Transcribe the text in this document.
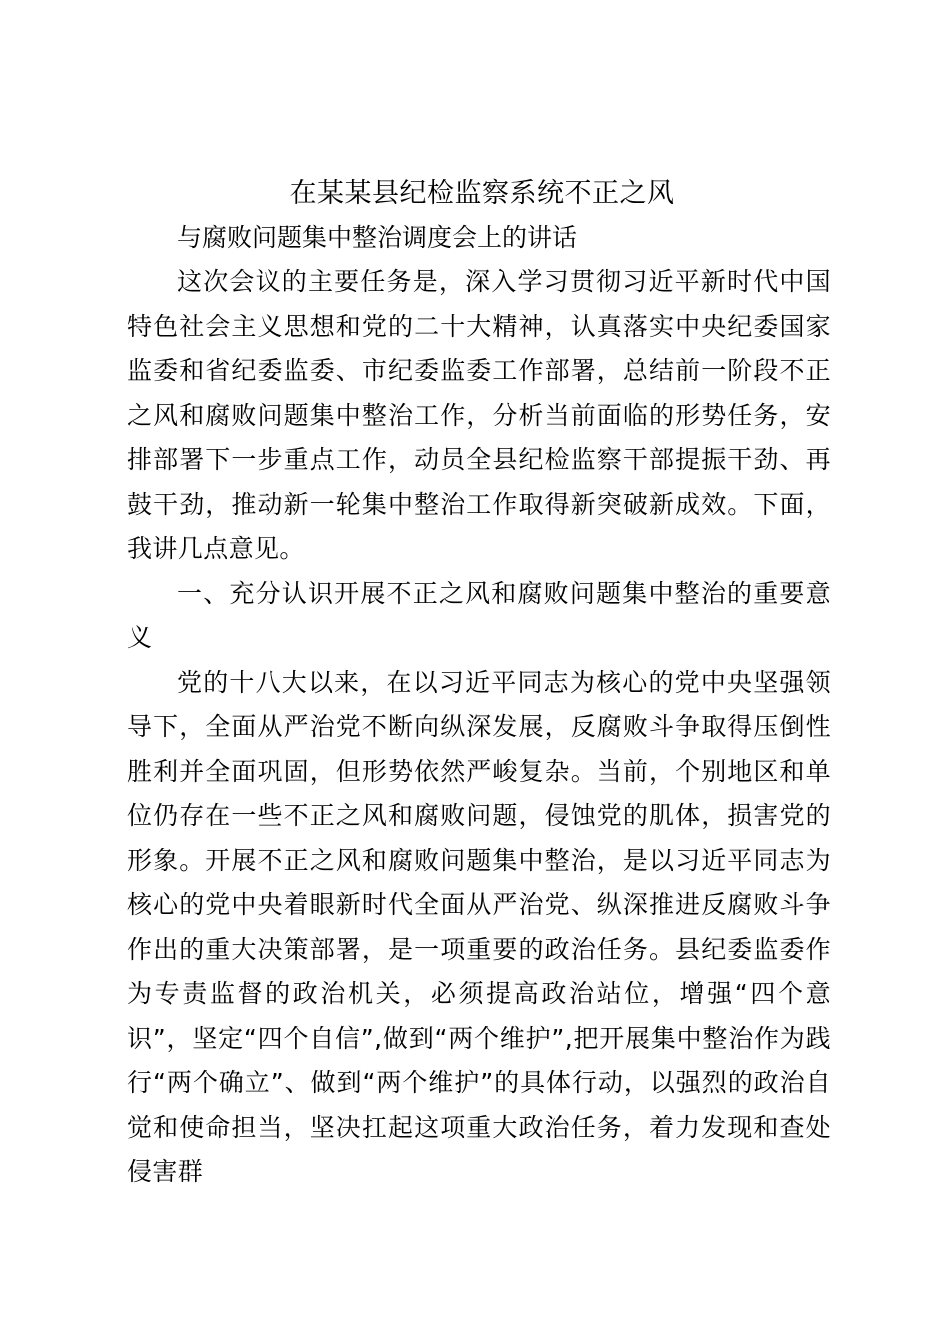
在某某县纪检监察系统不正之风

与腐败问题集中整治调度会上的讲话

这次会议的主要任务是，深入学习贯彻习近平新时代中国特色社会主义思想和党的二十大精神，认真落实中央纪委国家监委和省纪委监委、市纪委监委工作部署，总结前一阶段不正之风和腐败问题集中整治工作，分析当前面临的形势任务，安排部署下一步重点工作，动员全县纪检监察干部提振干劲、再鼓干劲，推动新一轮集中整治工作取得新突破新成效。下面，我讲几点意见。

一、充分认识开展不正之风和腐败问题集中整治的重要意义

党的十八大以来，在以习近平同志为核心的党中央坚强领导下，全面从严治党不断向纵深发展，反腐败斗争取得压倒性胜利并全面巩固，但形势依然严峻复杂。当前，个别地区和单位仍存在一些不正之风和腐败问题，侵蚀党的肌体，损害党的形象。开展不正之风和腐败问题集中整治，是以习近平同志为核心的党中央着眼新时代全面从严治党、纵深推进反腐败斗争作出的重大决策部署，是一项重要的政治任务。县纪委监委作为专责监督的政治机关，必须提高政治站位，增强“四个意识”，坚定“四个自信”,做到“两个维护”,把开展集中整治作为践行“两个确立”、做到“两个维护”的具体行动，以强烈的政治自觉和使命担当，坚决扛起这项重大政治任务，着力发现和查处侵害群
